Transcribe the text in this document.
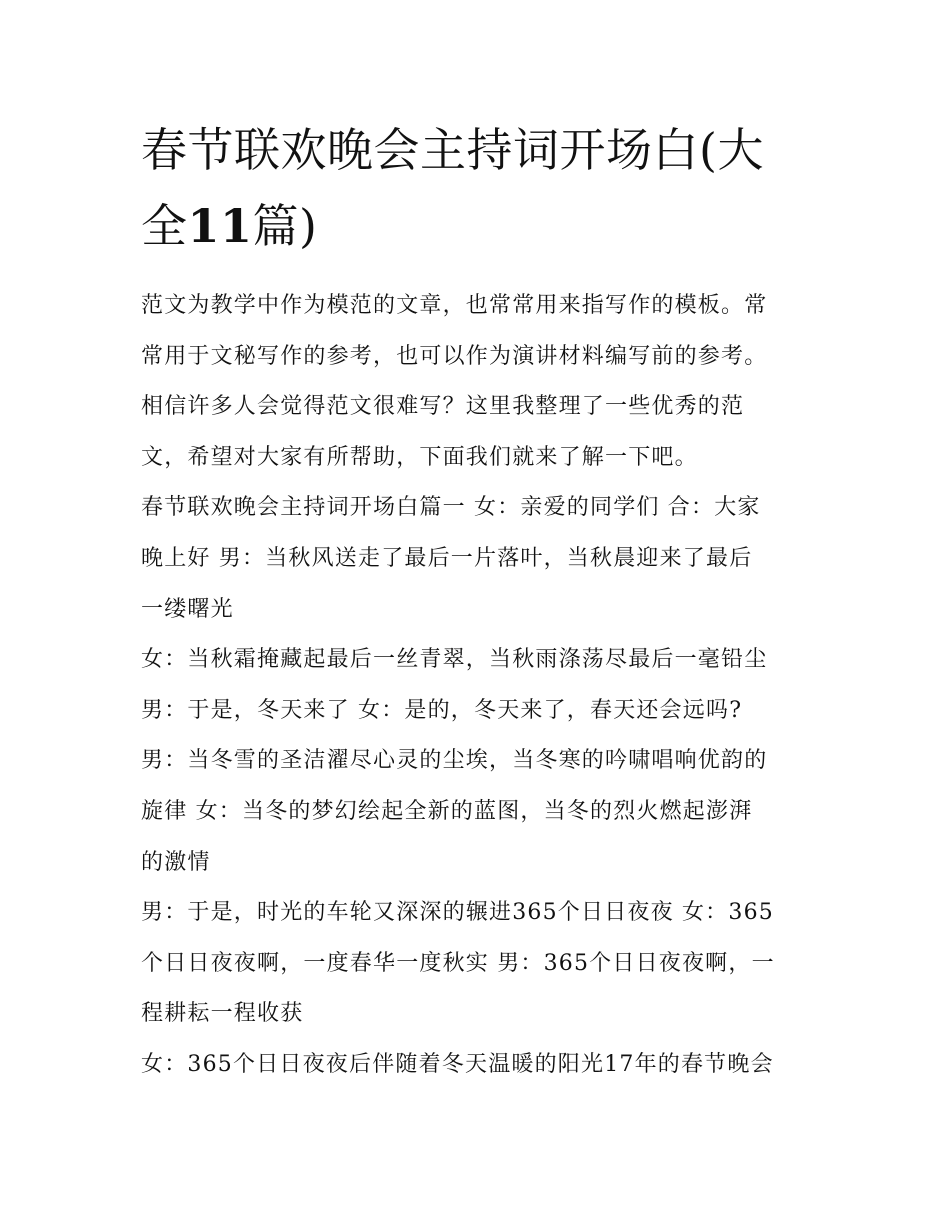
春节联欢晚会主持词开场白(大
全11篇)
范文为教学中作为模范的文章，也常常用来指写作的模板。常
常用于文秘写作的参考，也可以作为演讲材料编写前的参考。
相信许多人会觉得范文很难写？这里我整理了一些优秀的范
文，希望对大家有所帮助，下面我们就来了解一下吧。
春节联欢晚会主持词开场白篇一 女：亲爱的同学们 合：大家
晚上好 男：当秋风送走了最后一片落叶，当秋晨迎来了最后
一缕曙光
女：当秋霜掩藏起最后一丝青翠，当秋雨涤荡尽最后一毫铅尘
男：于是，冬天来了 女：是的，冬天来了，春天还会远吗?
男：当冬雪的圣洁濯尽心灵的尘埃，当冬寒的吟啸唱响优韵的
旋律 女：当冬的梦幻绘起全新的蓝图，当冬的烈火燃起澎湃
的激情
男：于是，时光的车轮又深深的辗进365个日日夜夜 女：365
个日日夜夜啊，一度春华一度秋实 男：365个日日夜夜啊，一
程耕耘一程收获
女：365个日日夜夜后伴随着冬天温暖的阳光17年的春节晚会
